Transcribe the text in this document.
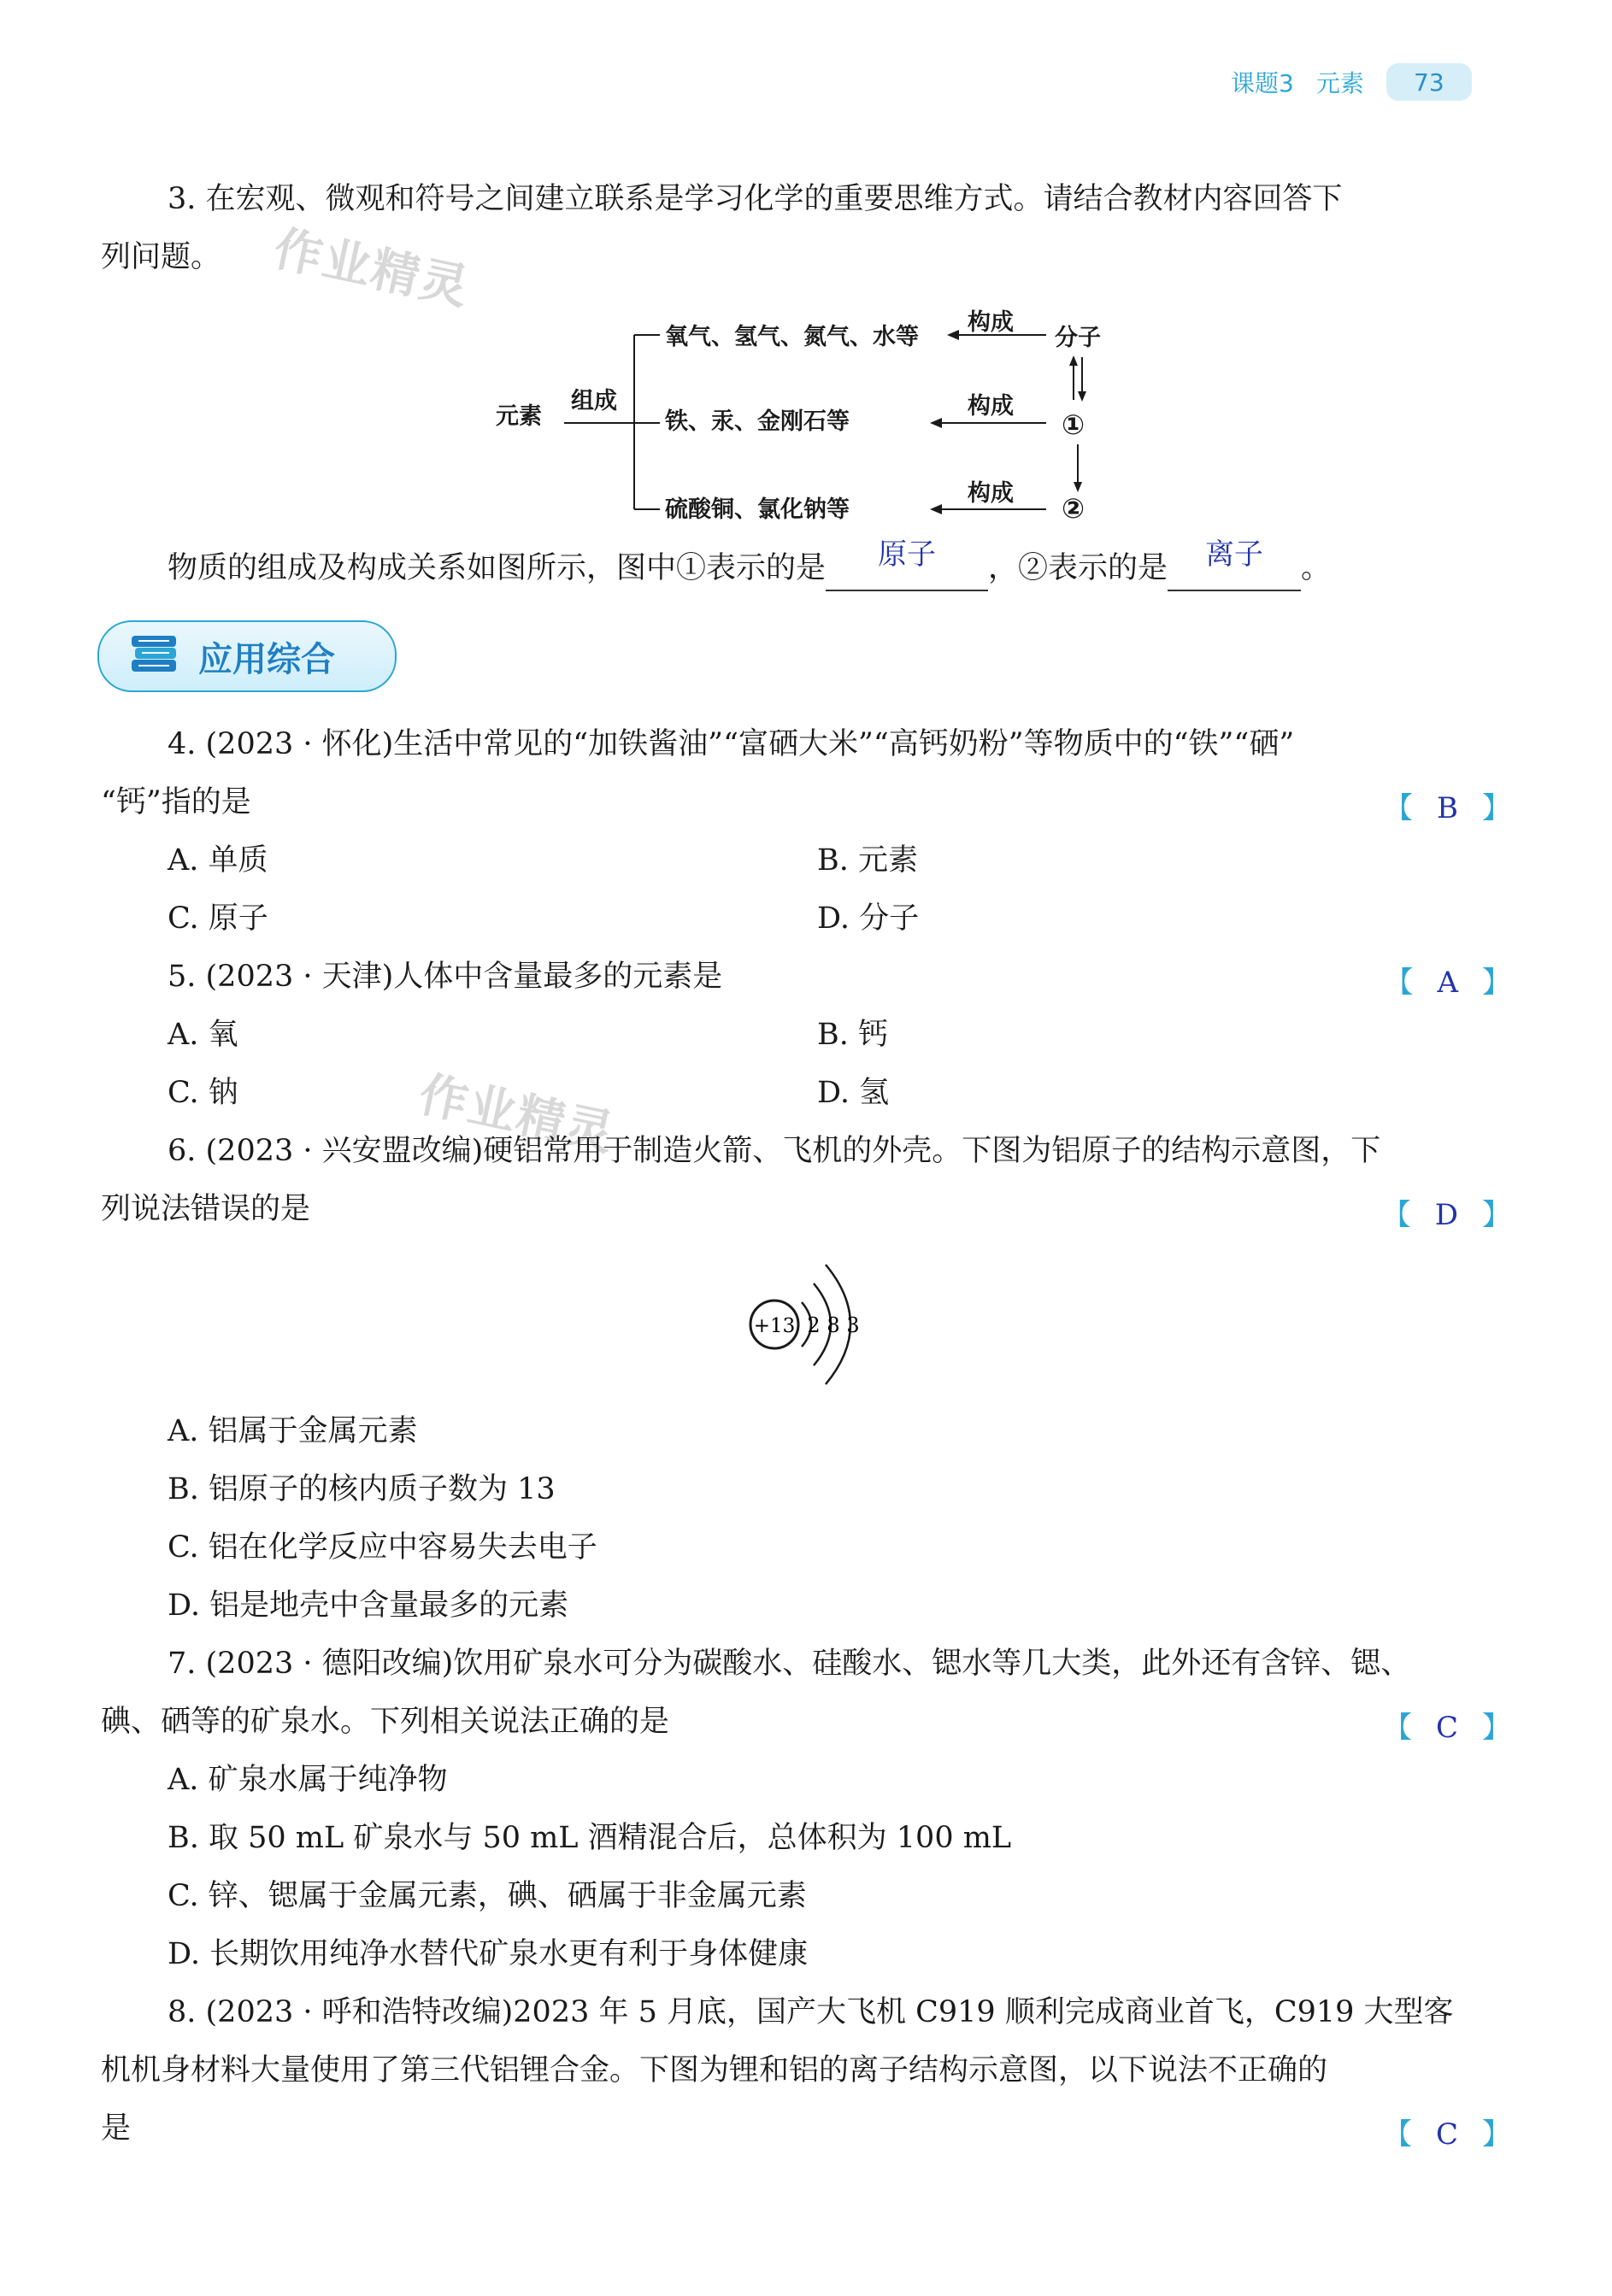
课题3 元素	73
作业精灵
作业精灵
3. 在宏观、微观和符号之间建立联系是学习化学的重要思维方式。请结合教材内容回答下
列问题。
元素
组成
氧气、氢气、氮气、水等
铁、汞、金刚石等
硫酸铜、氯化钠等
构成
构成
构成
分子
①
②
物质的组成及构成关系如图所示，图中①表示的是	原子	，②表示的是	离子	。
应用综合
4. (2023 · 怀化)生活中常见的“加铁酱油”“富硒大米”“高钙奶粉”等物质中的“铁”“硒”
“钙”指的是	【 B 】
A. 单质	B. 元素
C. 原子	D. 分子
5. (2023 · 天津)人体中含量最多的元素是	【 A 】
A. 氧	B. 钙
C. 钠	D. 氢
6. (2023 · 兴安盟改编)硬铝常用于制造火箭、飞机的外壳。下图为铝原子的结构示意图，下
列说法错误的是	【 D 】
+13 2 8 3
A. 铝属于金属元素
B. 铝原子的核内质子数为 13
C. 铝在化学反应中容易失去电子
D. 铝是地壳中含量最多的元素
7. (2023 · 德阳改编)饮用矿泉水可分为碳酸水、硅酸水、锶水等几大类，此外还有含锌、锶、
碘、硒等的矿泉水。下列相关说法正确的是	【 C 】
A. 矿泉水属于纯净物
B. 取 50 mL 矿泉水与 50 mL 酒精混合后，总体积为 100 mL
C. 锌、锶属于金属元素，碘、硒属于非金属元素
D. 长期饮用纯净水替代矿泉水更有利于身体健康
8. (2023 · 呼和浩特改编)2023 年 5 月底，国产大飞机 C919 顺利完成商业首飞，C919 大型客
机机身材料大量使用了第三代铝锂合金。下图为锂和铝的离子结构示意图，以下说法不正确的
是	【 C 】
